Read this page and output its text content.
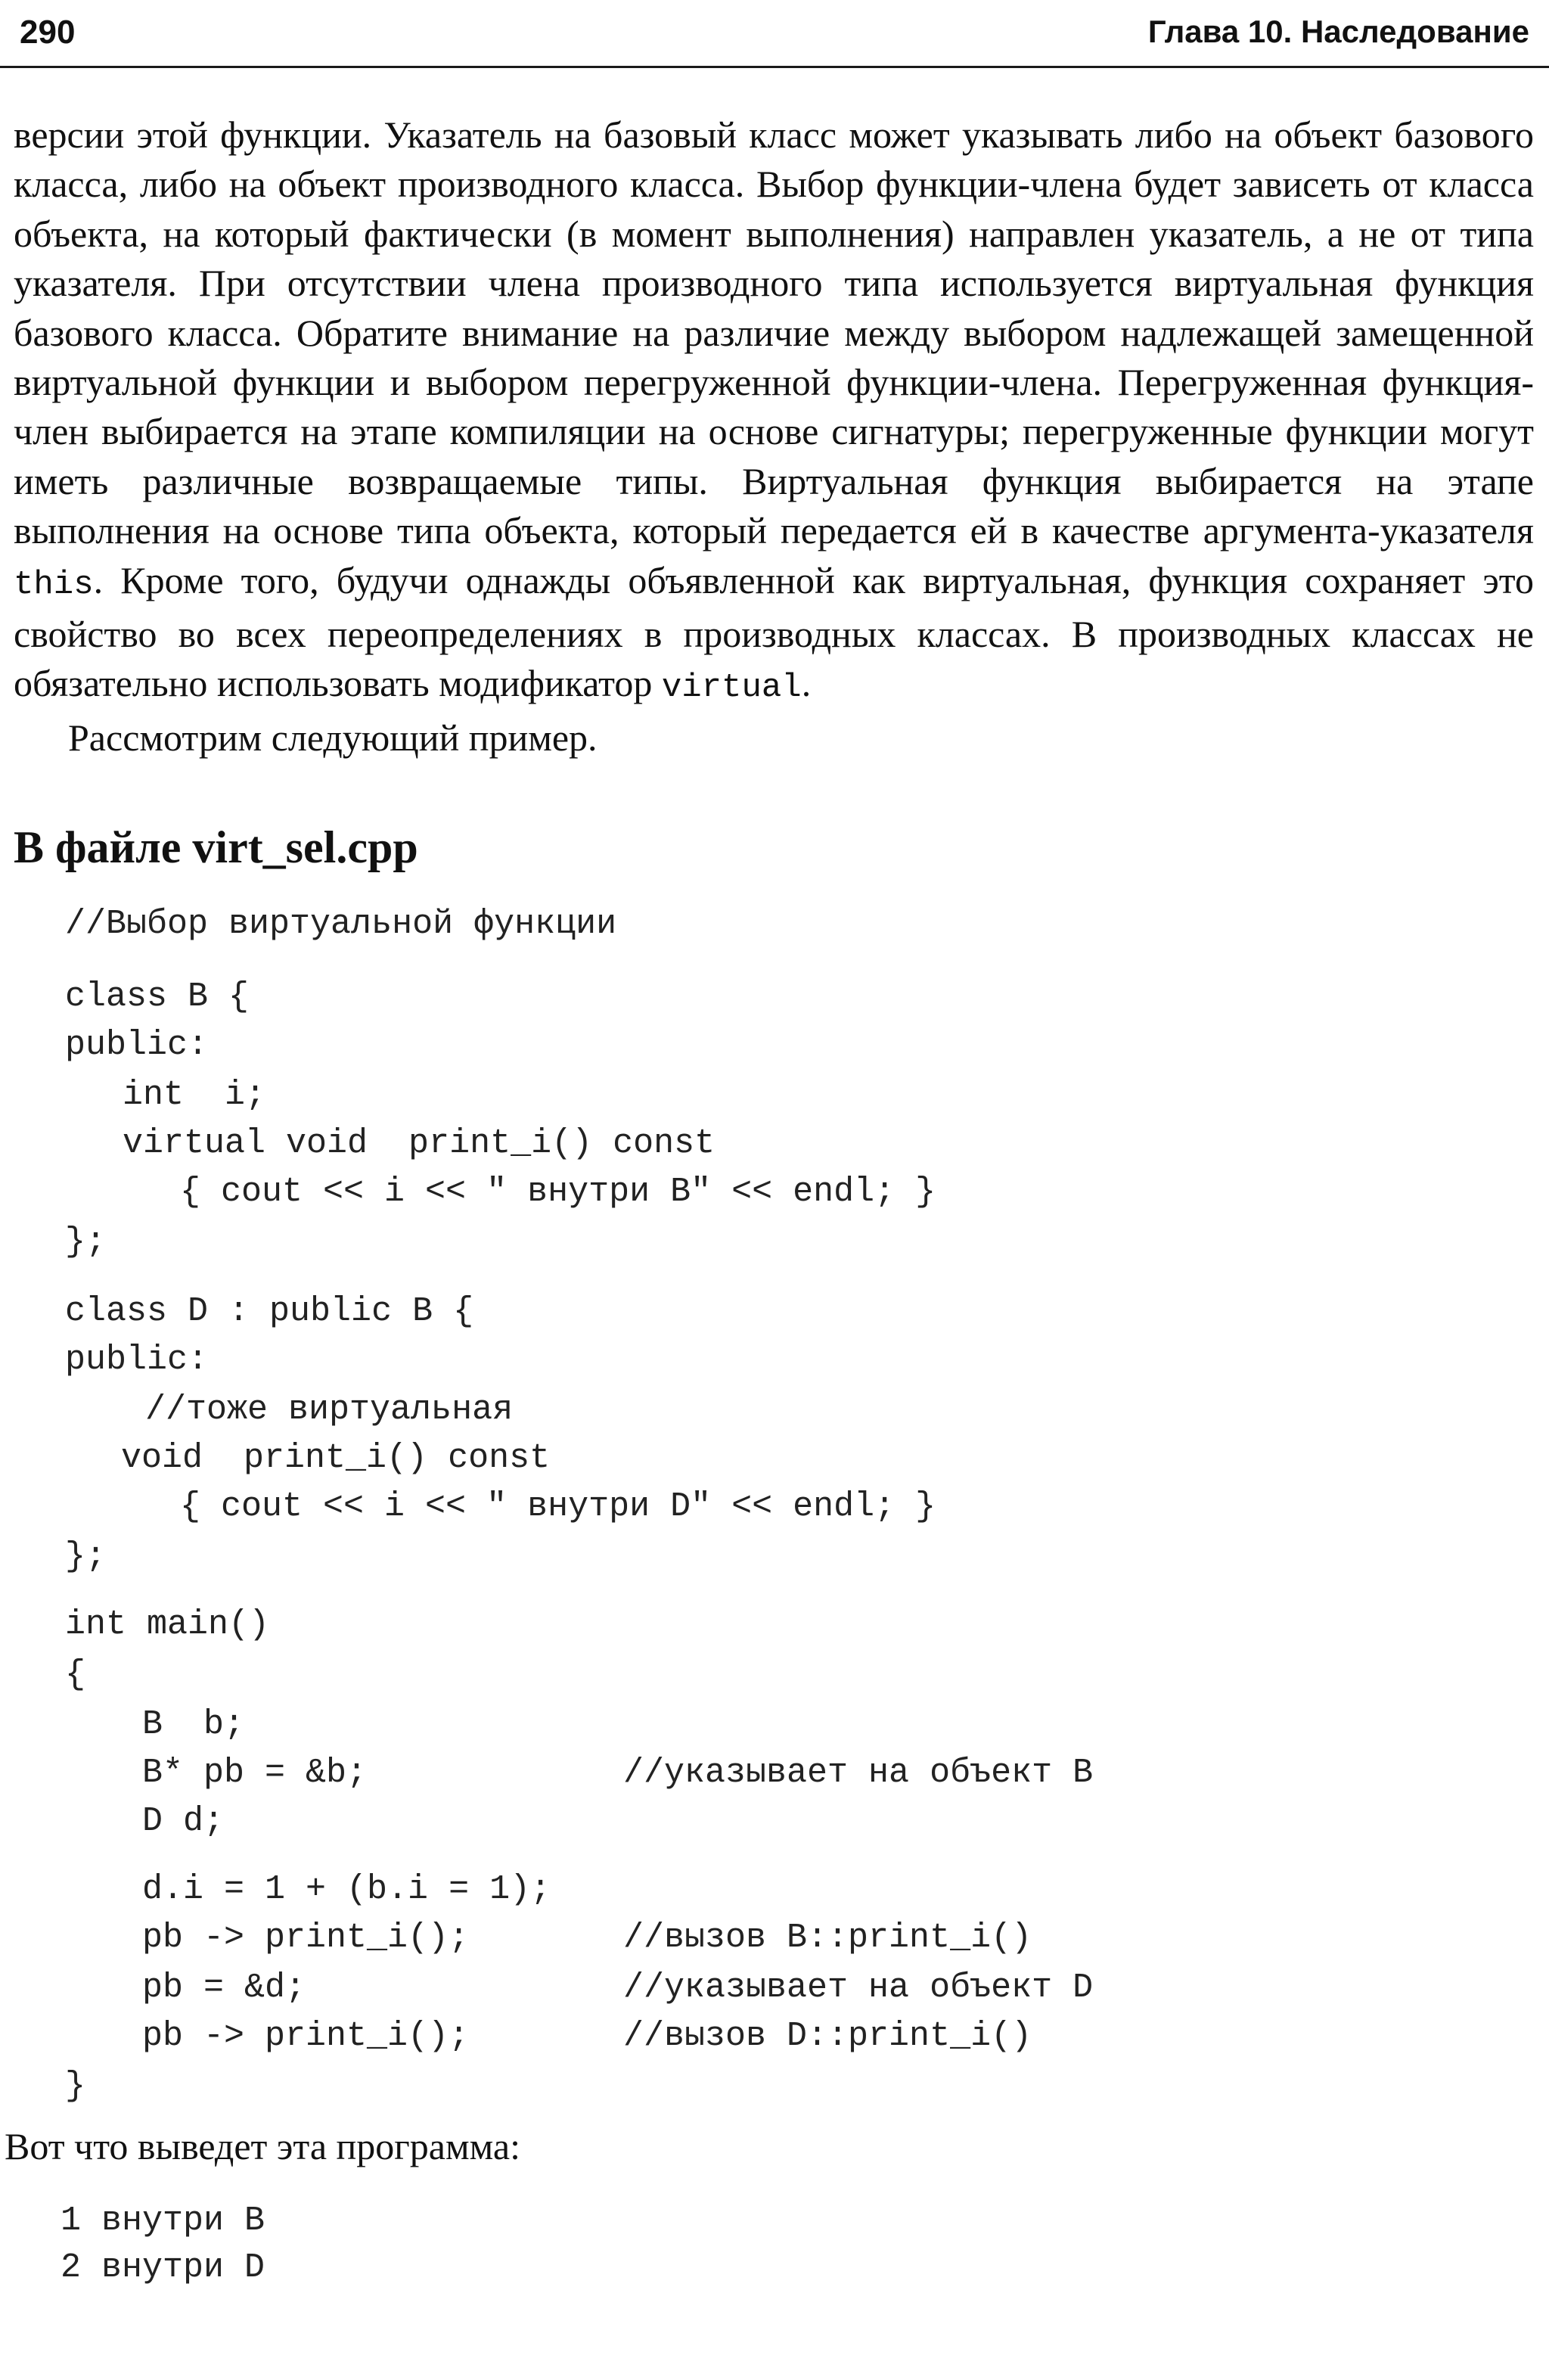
290	Глава 10. Наследование

версии этой функции. Указатель на базовый класс может указывать либо на объект базового класса, либо на объект производного класса. Выбор функции-члена будет зависеть от класса объекта, на который фактически (в момент выполнения) направлен указатель, а не от типа указателя. При отсутствии члена производного типа используется виртуальная функция базового класса. Обратите внимание на различие между выбором надлежащей замещенной виртуальной функции и выбором перегруженной функции-члена. Перегруженная функция-член выбирается на этапе компиляции на основе сигнатуры; перегруженные функции могут иметь различные возвращаемые типы. Виртуальная функция выбирается на этапе выполнения на основе типа объекта, который передается ей в качестве аргумента-указателя this. Кроме того, будучи однажды объявленной как виртуальная, функция сохраняет это свойство во всех переопределениях в производных классах. В производных классах не обязательно использовать модификатор virtual.

Рассмотрим следующий пример.

В файле virt_sel.cpp
//Выбор виртуальной функции
class B {
public:
int  i;
virtual void  print_i() const
{ cout << i << " внутри B" << endl; }
};
class D : public B {
public:
//тоже виртуальная
void  print_i() const
{ cout << i << " внутри D" << endl; }
};
int main()
{
B  b;
B* pb = &b;	//указывает на объект B
D d;
d.i = 1 + (b.i = 1);
pb -> print_i();	//вызов B::print_i()
pb = &d;	//указывает на объект D
pb -> print_i();	//вызов D::print_i()
}
Вот что выведет эта программа:
1 внутри B
2 внутри D
